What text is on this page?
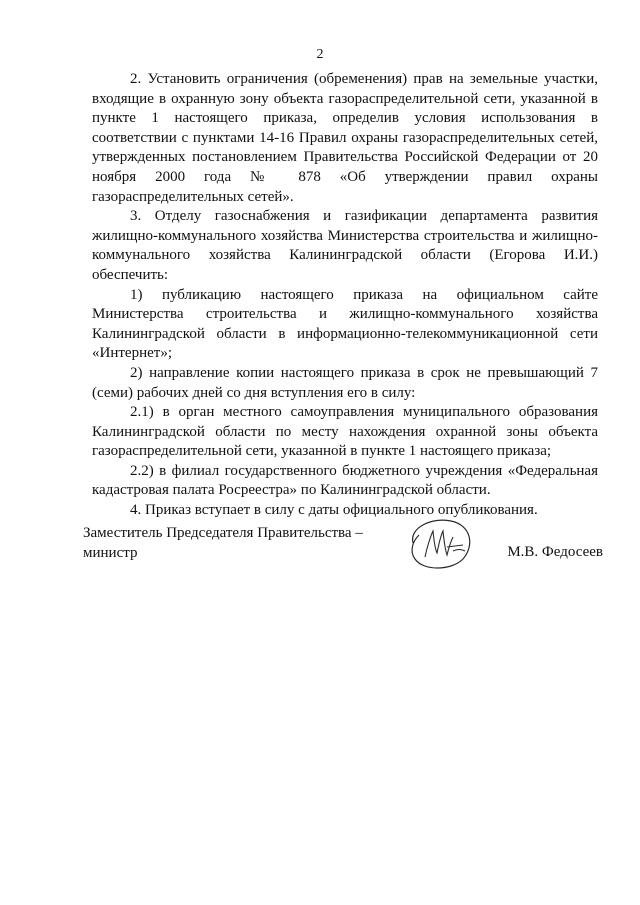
2

2. Установить ограничения (обременения) прав на земельные участки, входящие в охранную зону объекта газораспределительной сети, указанной в пункте 1 настоящего приказа, определив условия использования в соответствии с пунктами 14-16 Правил охраны газораспределительных сетей, утвержденных постановлением Правительства Российской Федерации от 20 ноября 2000 года № 878 «Об утверждении правил охраны газораспределительных сетей».

3. Отделу газоснабжения и газификации департамента развития жилищно-коммунального хозяйства Министерства строительства и жилищно-коммунального хозяйства Калининградской области (Егорова И.И.) обеспечить:

1) публикацию настоящего приказа на официальном сайте Министерства строительства и жилищно-коммунального хозяйства Калининградской области в информационно-телекоммуникационной сети «Интернет»;

2) направление копии настоящего приказа в срок не превышающий 7 (семи) рабочих дней со дня вступления его в силу:

2.1) в орган местного самоуправления муниципального образования Калининградской области по месту нахождения охранной зоны объекта газораспределительной сети, указанной в пункте 1 настоящего приказа;

2.2) в филиал государственного бюджетного учреждения «Федеральная кадастровая палата Росреестра» по Калининградской области.

4. Приказ вступает в силу с даты официального опубликования.

Заместитель Председателя Правительства –
министр	М.В. Федосеев
